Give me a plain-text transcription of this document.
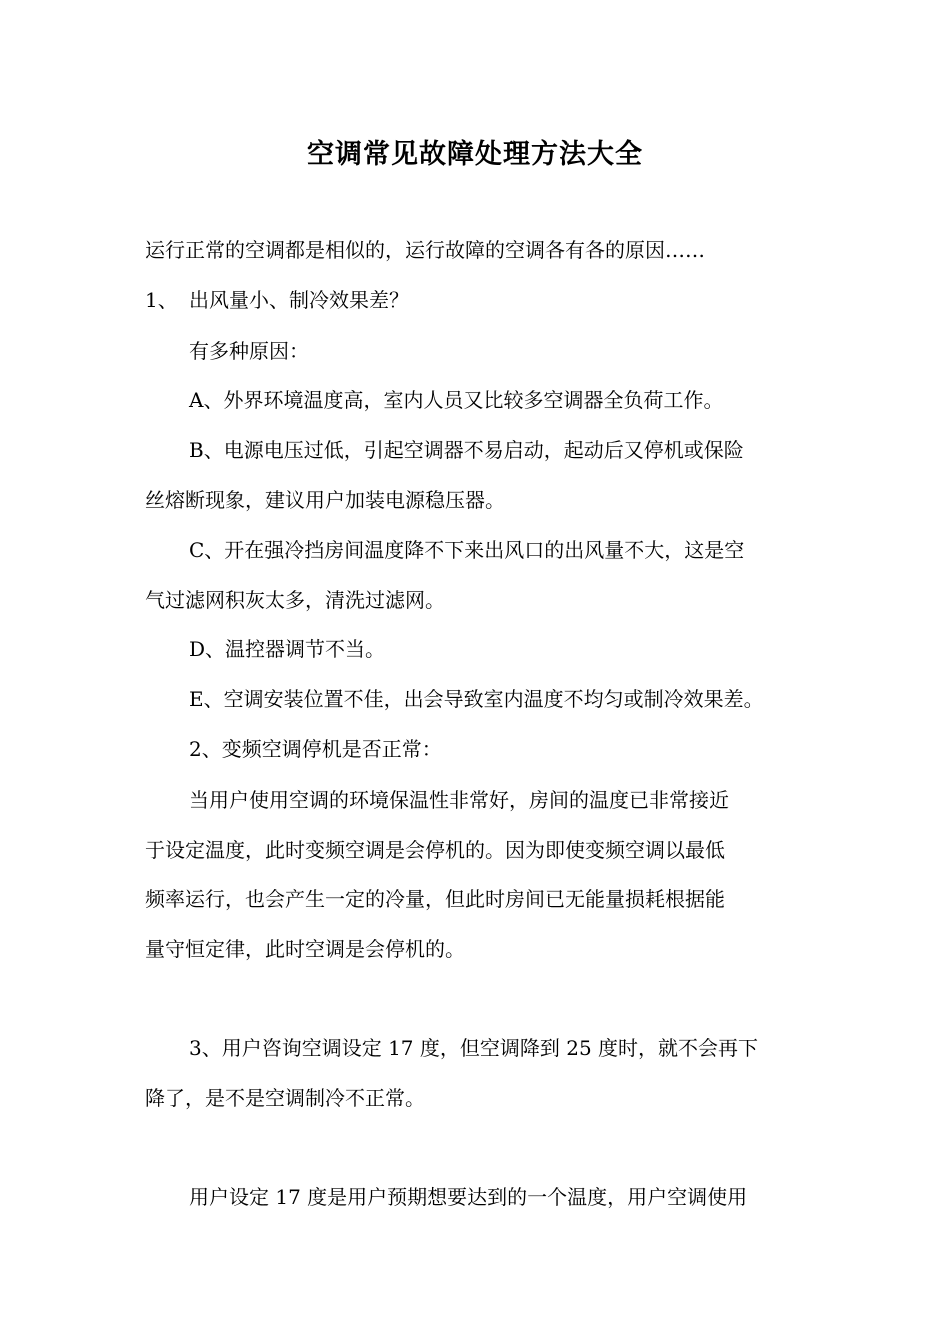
空调常见故障处理方法大全
运行正常的空调都是相似的，运行故障的空调各有各的原因……
1、 出风量小、制冷效果差？
有多种原因：
A、外界环境温度高，室内人员又比较多空调器全负荷工作。
B、电源电压过低，引起空调器不易启动，起动后又停机或保险
丝熔断现象，建议用户加装电源稳压器。
C、开在强冷挡房间温度降不下来出风口的出风量不大，这是空
气过滤网积灰太多，清洗过滤网。
D、温控器调节不当。
E、空调安装位置不佳，出会导致室内温度不均匀或制冷效果差。
2、变频空调停机是否正常：
当用户使用空调的环境保温性非常好，房间的温度已非常接近
于设定温度，此时变频空调是会停机的。因为即使变频空调以最低
频率运行，也会产生一定的冷量，但此时房间已无能量损耗根据能
量守恒定律，此时空调是会停机的。
3、用户咨询空调设定 17 度，但空调降到 25 度时，就不会再下
降了，是不是空调制冷不正常。
用户设定 17 度是用户预期想要达到的一个温度，用户空调使用
